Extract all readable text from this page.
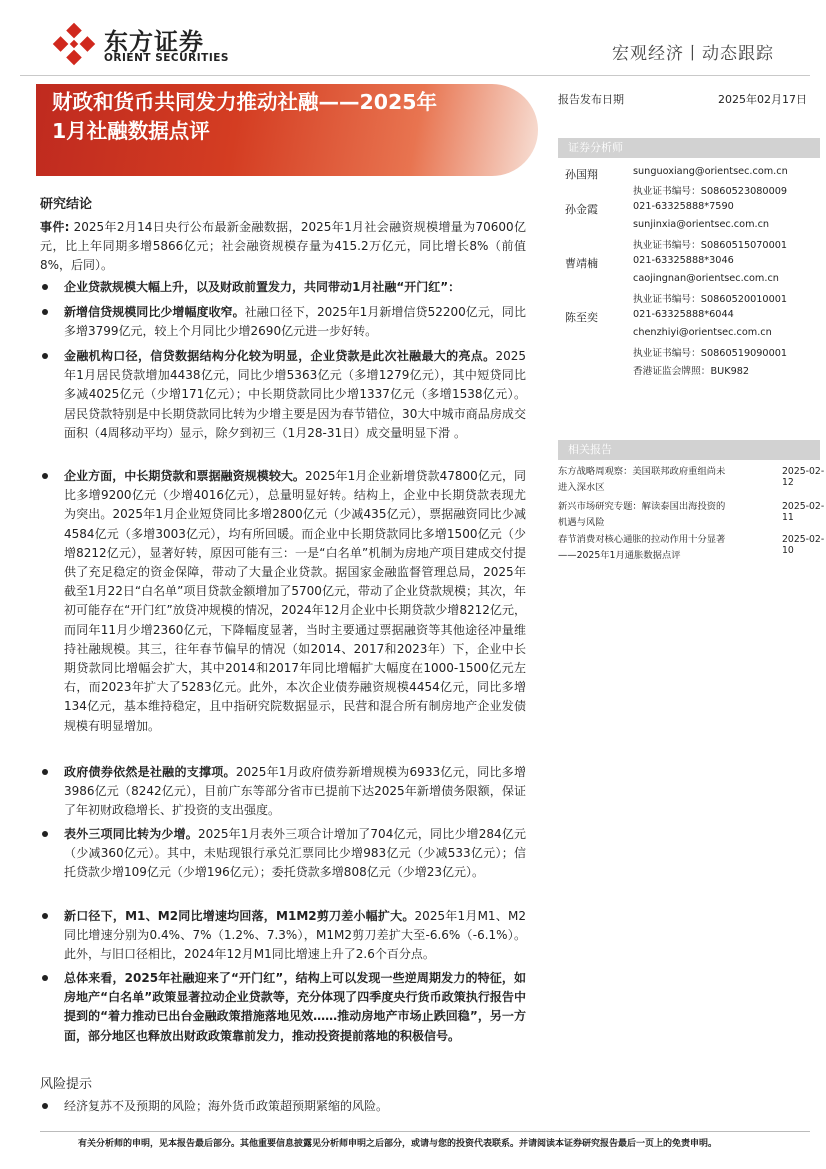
东方证券
ORIENT SECURITIES	宏观经济丨动态跟踪
财政和货币共同发力推动社融——2025年
1月社融数据点评
报告发布日期	2025年02月17日
证券分析师
孙国翔	sunguoxiang@orientsec.com.cn
执业证书编号：S0860523080009
孙金霞	021-63325888*7590
sunjinxia@orientsec.com.cn
执业证书编号：S0860515070001
曹靖楠	021-63325888*3046
caojingnan@orientsec.com.cn
执业证书编号：S0860520010001
陈至奕	021-63325888*6044
chenzhiyi@orientsec.com.cn
执业证书编号：S0860519090001
香港证监会牌照：BUK982
相关报告
东方战略周观察：美国联邦政府重组尚未
进入深水区
2025-02-12
新兴市场研究专题：解读泰国出海投资的
机遇与风险
2025-02-11
春节消费对核心通胀的拉动作用十分显著
——2025年1月通胀数据点评
2025-02-10
研究结论
事件: 2025年2月14日央行公布最新金融数据，2025年1月社会融资规模增量为70600亿元，比上年同期多增5866亿元；社会融资规模存量为415.2万亿元，同比增长8%（前值8%，后同）。
企业贷款规模大幅上升，以及财政前置发力，共同带动1月社融“开门红”：
新增信贷规模同比少增幅度收窄。社融口径下，2025年1月新增信贷52200亿元，同比多增3799亿元，较上个月同比少增2690亿元进一步好转。
金融机构口径，信贷数据结构分化较为明显，企业贷款是此次社融最大的亮点。2025年1月居民贷款增加4438亿元，同比少增5363亿元（多增1279亿元），其中短贷同比多减4025亿元（少增171亿元）；中长期贷款同比少增1337亿元（多增1538亿元）。居民贷款特别是中长期贷款同比转为少增主要是因为春节错位，30大中城市商品房成交面积（4周移动平均）显示，除夕到初三（1月28-31日）成交量明显下滑 。
企业方面，中长期贷款和票据融资规模较大。2025年1月企业新增贷款47800亿元，同比多增9200亿元（少增4016亿元），总量明显好转。结构上，企业中长期贷款表现尤为突出。2025年1月企业短贷同比多增2800亿元（少减435亿元），票据融资同比少减4584亿元（多增3003亿元），均有所回暖。而企业中长期贷款同比多增1500亿元（少增8212亿元），显著好转，原因可能有三：一是“白名单”机制为房地产项目建成交付提供了充足稳定的资金保障，带动了大量企业贷款。据国家金融监督管理总局，2025年截至1月22日“白名单”项目贷款金额增加了5700亿元，带动了企业贷款规模；其次，年初可能存在“开门红”放贷冲规模的情况，2024年12月企业中长期贷款少增8212亿元，而同年11月少增2360亿元，下降幅度显著，当时主要通过票据融资等其他途径冲量维持社融规模。其三，往年春节偏早的情况（如2014、2017和2023年）下，企业中长期贷款同比增幅会扩大，其中2014和2017年同比增幅扩大幅度在1000-1500亿元左右，而2023年扩大了5283亿元。此外，本次企业债券融资规模4454亿元，同比多增134亿元，基本维持稳定，且中指研究院数据显示，民营和混合所有制房地产企业发债规模有明显增加。
政府债券依然是社融的支撑项。2025年1月政府债券新增规模为6933亿元，同比多增3986亿元（8242亿元），目前广东等部分省市已提前下达2025年新增债务限额，保证了年初财政稳增长、扩投资的支出强度。
表外三项同比转为少增。2025年1月表外三项合计增加了704亿元，同比少增284亿元（少减360亿元）。其中，未贴现银行承兑汇票同比少增983亿元（少减533亿元）；信托贷款少增109亿元（少增196亿元）；委托贷款多增808亿元（少增23亿元）。
新口径下，M1、M2同比增速均回落，M1M2剪刀差小幅扩大。2025年1月M1、M2同比增速分别为0.4%、7%（1.2%、7.3%），M1M2剪刀差扩大至-6.6%（-6.1%）。此外，与旧口径相比，2024年12月M1同比增速上升了2.6个百分点。
总体来看，2025年社融迎来了“开门红”，结构上可以发现一些逆周期发力的特征，如房地产“白名单”政策显著拉动企业贷款等，充分体现了四季度央行货币政策执行报告中提到的“着力推动已出台金融政策措施落地见效……推动房地产市场止跌回稳”，另一方面，部分地区也释放出财政政策靠前发力，推动投资提前落地的积极信号。
风险提示
经济复苏不及预期的风险；海外货币政策超预期紧缩的风险。
有关分析师的申明，见本报告最后部分。其他重要信息披露见分析师申明之后部分，或请与您的投资代表联系。并请阅读本证券研究报告最后一页上的免责申明。
